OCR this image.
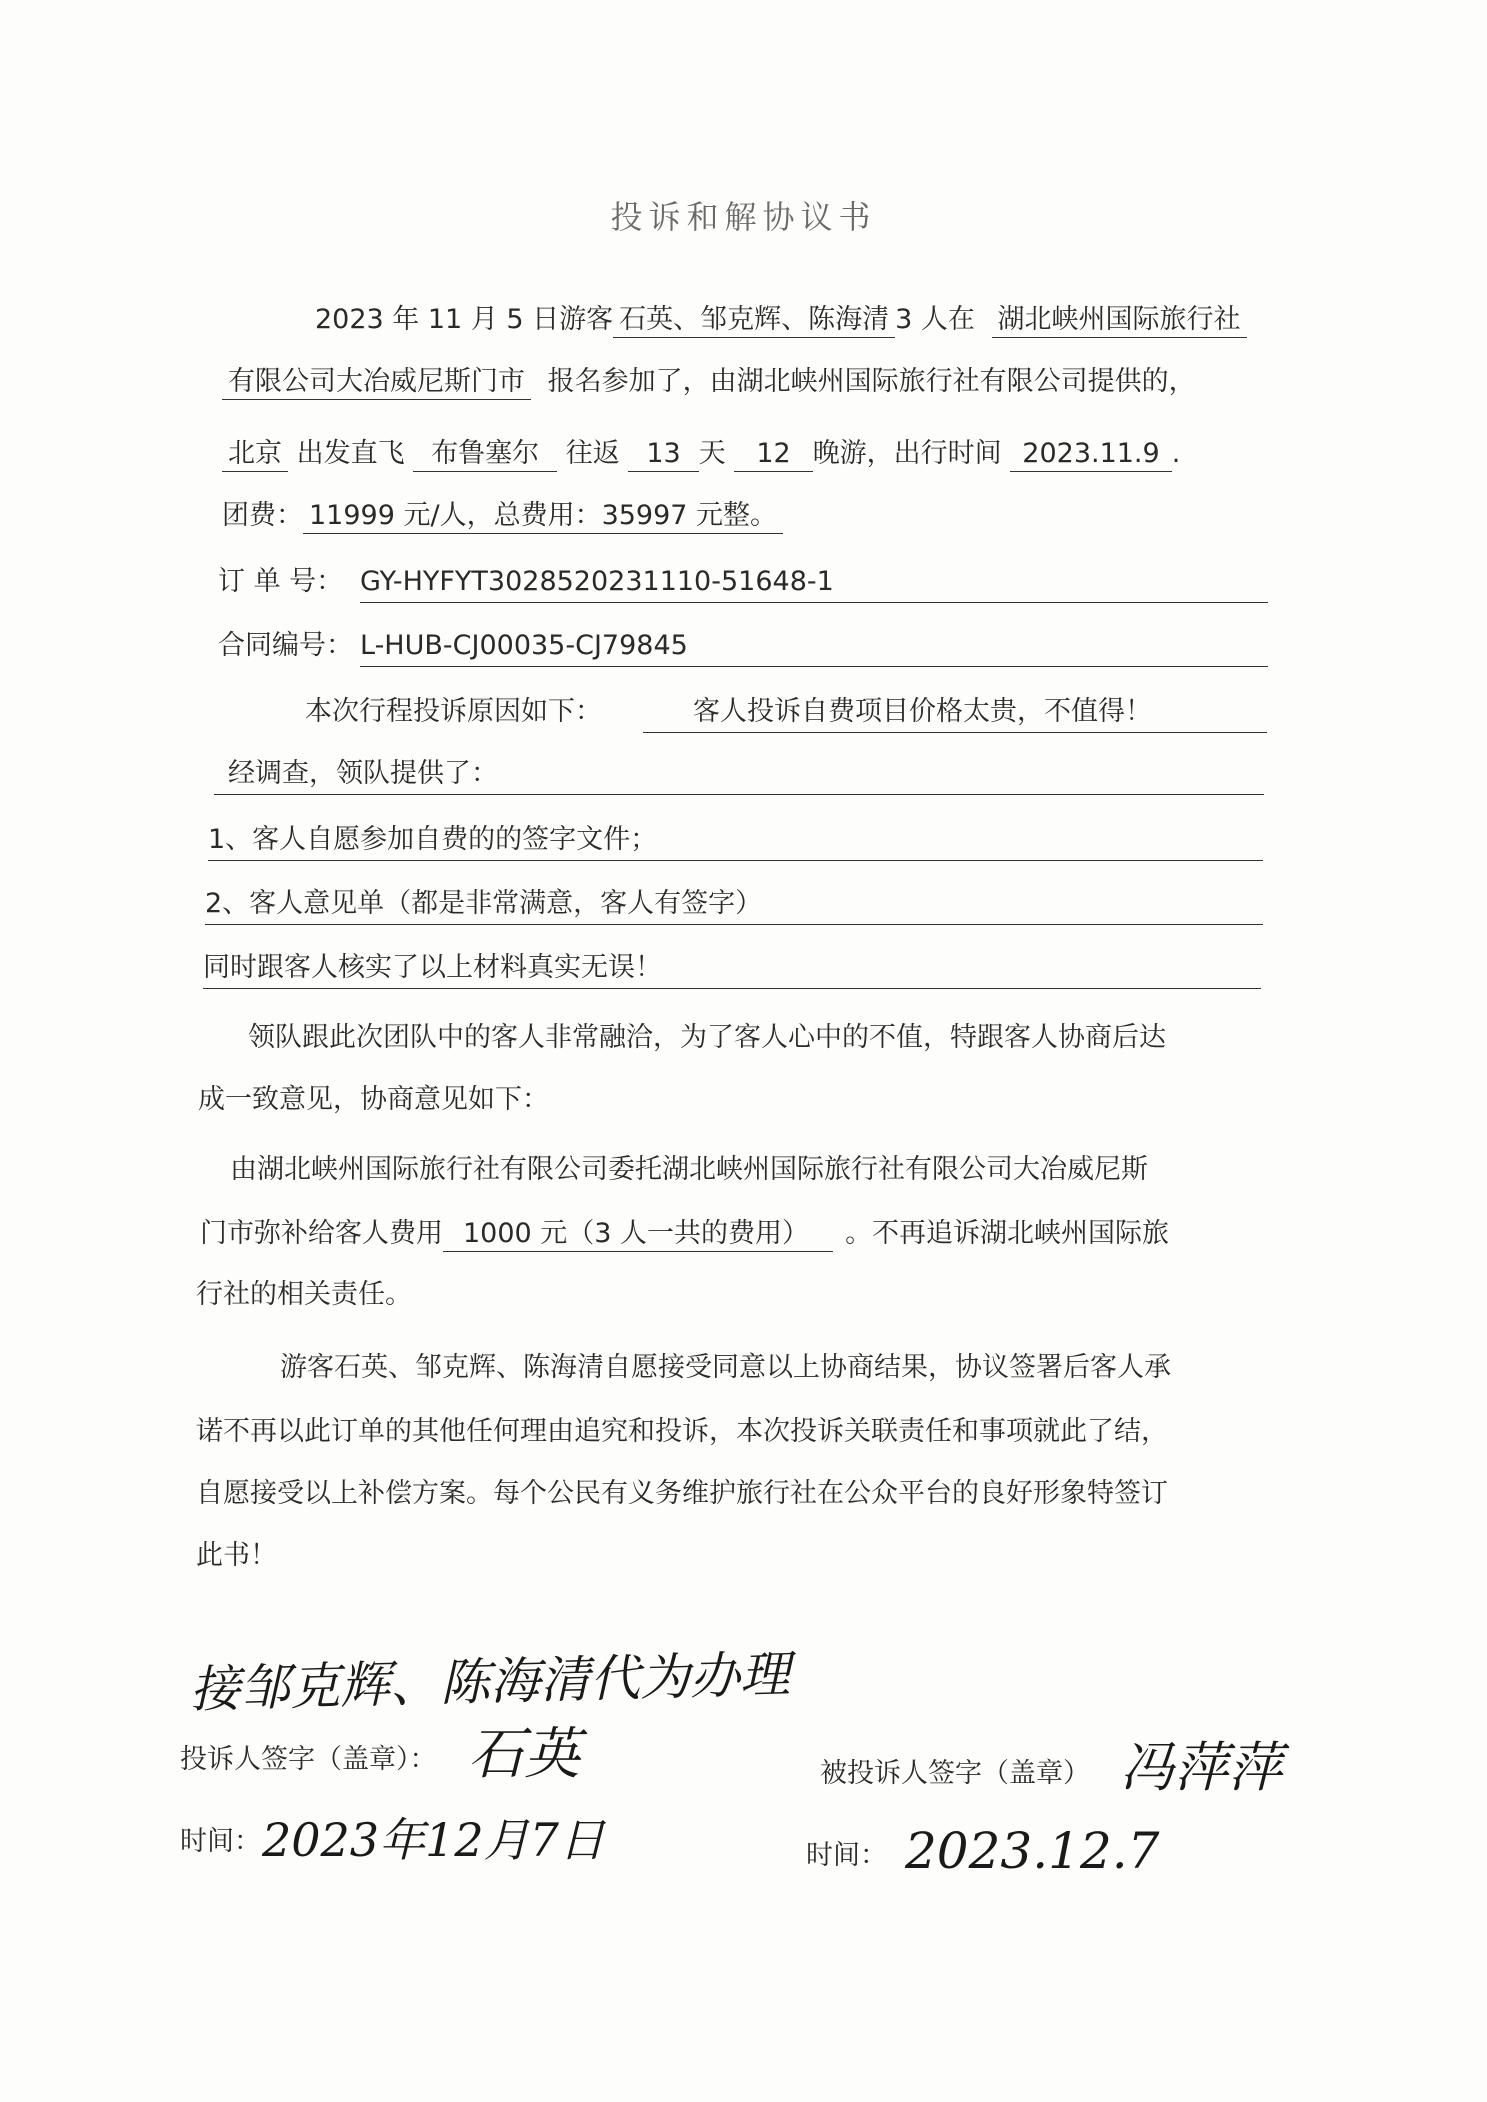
投诉和解协议书
2023 年 11 月 5 日游客 石英、邹克辉、陈海清 3 人在 湖北峡州国际旅行社
有限公司大冶威尼斯门市 报名参加了，由湖北峡州国际旅行社有限公司提供的，
北京 出发直飞 布鲁塞尔 往返 13 天 12 晚游，出行时间 2023.11.9 .
团费： 11999 元/人，总费用：35997 元整。
订 单 号： GY-HYFYT302852023111​0-51648-1
合同编号： L-HUB-CJ00035-CJ79845
本次行程投诉原因如下：	客人投诉自费项目价格太贵，不值得！
经调查，领队提供了：
1、客人自愿参加自费的的签字文件；
2、客人意见单（都是非常满意，客人有签字）
同时跟客人核实了以上材料真实无误！
领队跟此次团队中的客人非常融洽，为了客人心中的不值，特跟客人协商后达
成一致意见，协商意见如下：
由湖北峡州国际旅行社有限公司委托湖北峡州国际旅行社有限公司大冶威尼斯
门市弥补给客人费用 1000 元（3 人一共的费用） 。不再追诉湖北峡州国际旅
行社的相关责任。
游客石英、邹克辉、陈海清自愿接受同意以上协商结果，协议签署后客人承
诺不再以此订单的其他任何理由追究和投诉，本次投诉关联责任和事项就此了结，
自愿接受以上补偿方案。每个公民有义务维护旅行社在公众平台的良好形象特签订
此书！
接邹克辉、陈海清代为办理
投诉人签字（盖章）： 石英	被投诉人签字（盖章） 冯萍萍
时间： 2023年12月7日	时间： 2023.12.7
